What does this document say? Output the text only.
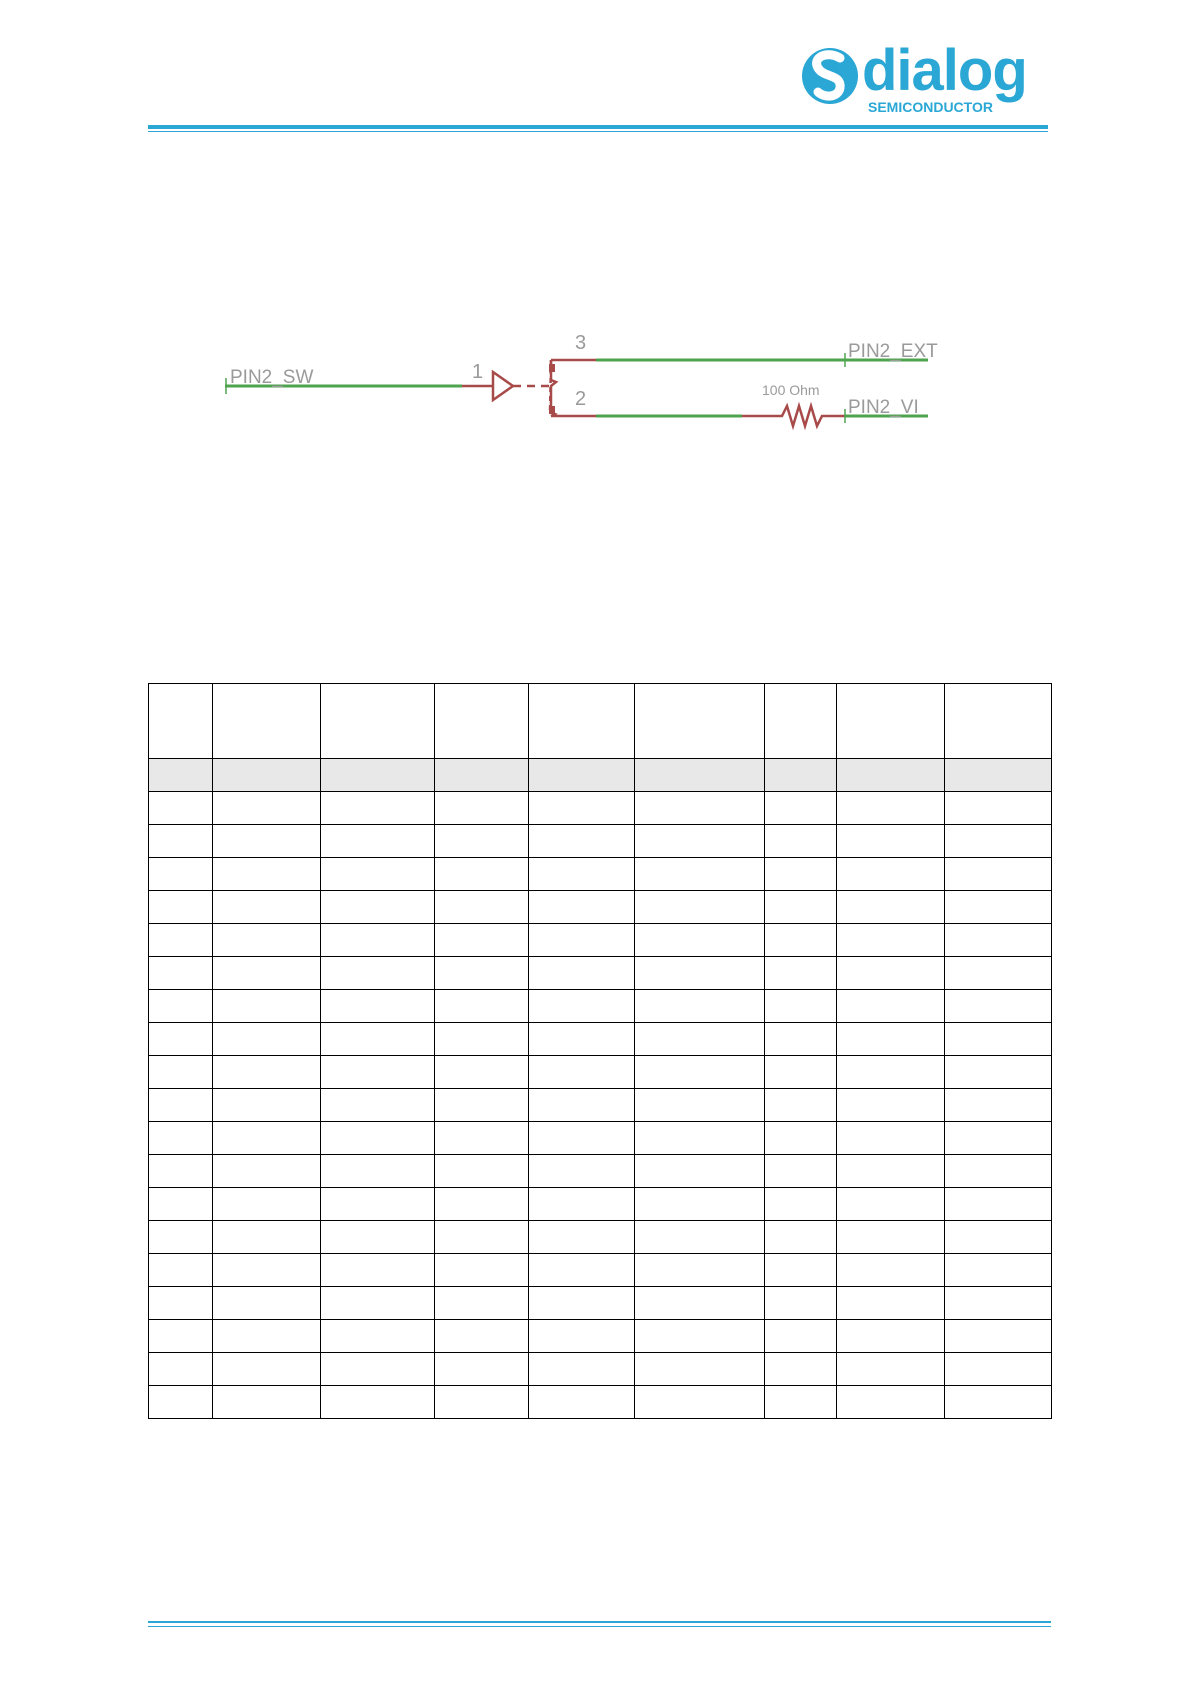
dialog
SEMICONDUCTOR
PIN2_SW	1
3	PIN2_EXT
2	100 Ohm
PIN2_VI
